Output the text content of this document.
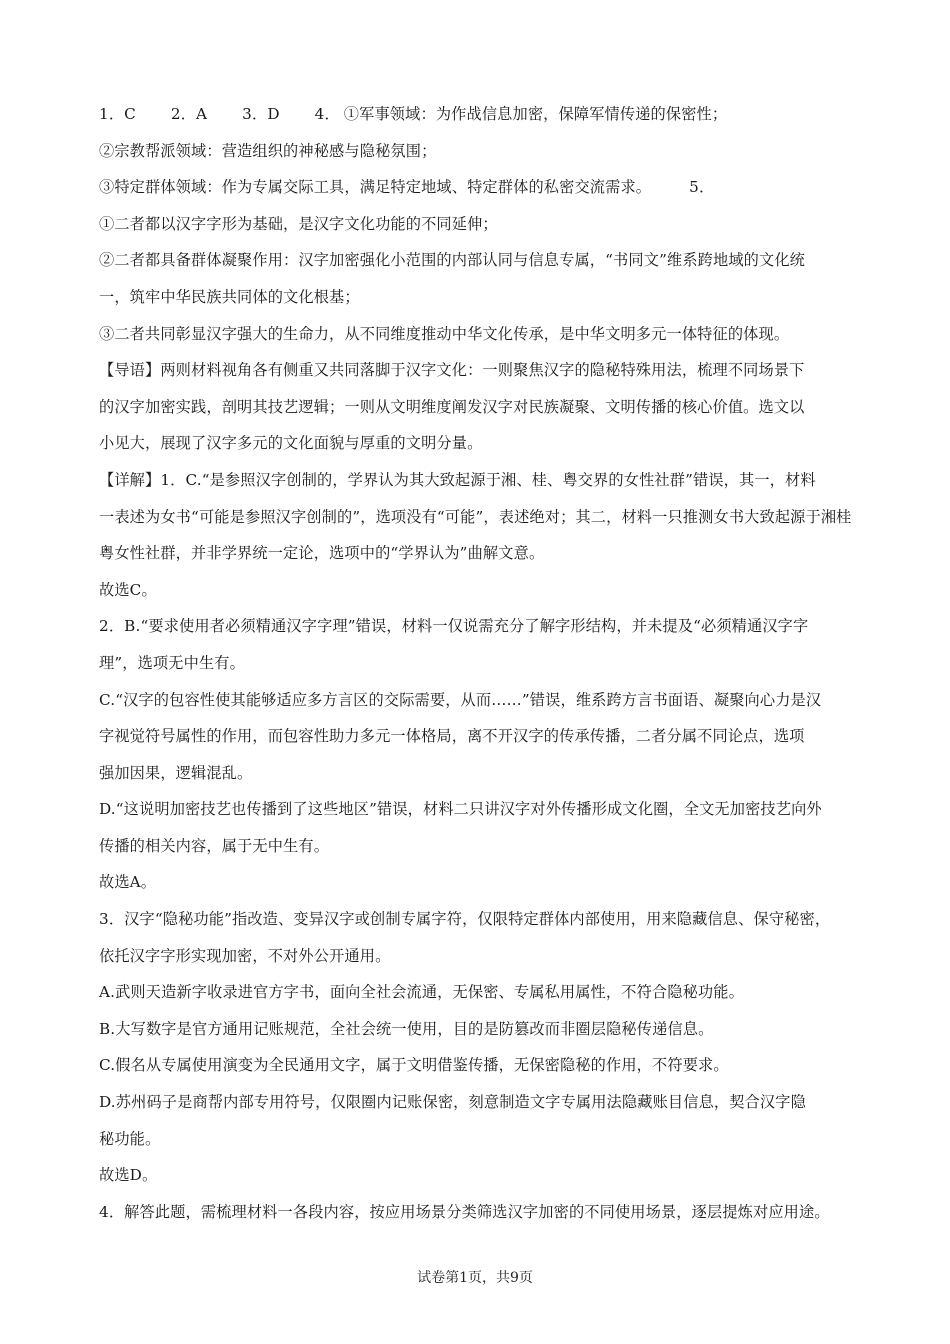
1．C 2．A 3．D 4． ①军事领域：为作战信息加密，保障军情传递的保密性；
②宗教帮派领域：营造组织的神秘感与隐秘氛围；
③特定群体领域：作为专属交际工具，满足特定地域、特定群体的私密交流需求。	5．
①二者都以汉字字形为基础，是汉字文化功能的不同延伸；
②二者都具备群体凝聚作用：汉字加密强化小范围的内部认同与信息专属，“书同文”维系跨地域的文化统
一，筑牢中华民族共同体的文化根基；
③二者共同彰显汉字强大的生命力，从不同维度推动中华文化传承，是中华文明多元一体特征的体现。
【导语】两则材料视角各有侧重又共同落脚于汉字文化：一则聚焦汉字的隐秘特殊用法，梳理不同场景下
的汉字加密实践，剖明其技艺逻辑；一则从文明维度阐发汉字对民族凝聚、文明传播的核心价值。选文以
小见大，展现了汉字多元的文化面貌与厚重的文明分量。
【详解】1．C.“是参照汉字创制的，学界认为其大致起源于湘、桂、粤交界的女性社群”错误，其一，材料
一表述为女书“可能是参照汉字创制的”，选项没有“可能”，表述绝对；其二，材料一只推测女书大致起源于湘桂
粤女性社群，并非学界统一定论，选项中的“学界认为”曲解文意。
故选C。
2．B.“要求使用者必须精通汉字字理”错误，材料一仅说需充分了解字形结构，并未提及“必须精通汉字字
理”，选项无中生有。
C.“汉字的包容性使其能够适应多方言区的交际需要，从而……”错误，维系跨方言书面语、凝聚向心力是汉
字视觉符号属性的作用，而包容性助力多元一体格局，离不开汉字的传承传播，二者分属不同论点，选项
强加因果，逻辑混乱。
D.“这说明加密技艺也传播到了这些地区”错误，材料二只讲汉字对外传播形成文化圈，全文无加密技艺向外
传播的相关内容，属于无中生有。
故选A。
3．汉字“隐秘功能”指改造、变异汉字或创制专属字符，仅限特定群体内部使用，用来隐藏信息、保守秘密，
依托汉字字形实现加密，不对外公开通用。
A.武则天造新字收录进官方字书，面向全社会流通，无保密、专属私用属性，不符合隐秘功能。
B.大写数字是官方通用记账规范，全社会统一使用，目的是防篡改而非圈层隐秘传递信息。
C.假名从专属使用演变为全民通用文字，属于文明借鉴传播，无保密隐秘的作用，不符要求。
D.苏州码子是商帮内部专用符号，仅限圈内记账保密，刻意制造文字专属用法隐藏账目信息，契合汉字隐
秘功能。
故选D。
4．解答此题，需梳理材料一各段内容，按应用场景分类筛选汉字加密的不同使用场景，逐层提炼对应用途。
试卷第1页，共9页
